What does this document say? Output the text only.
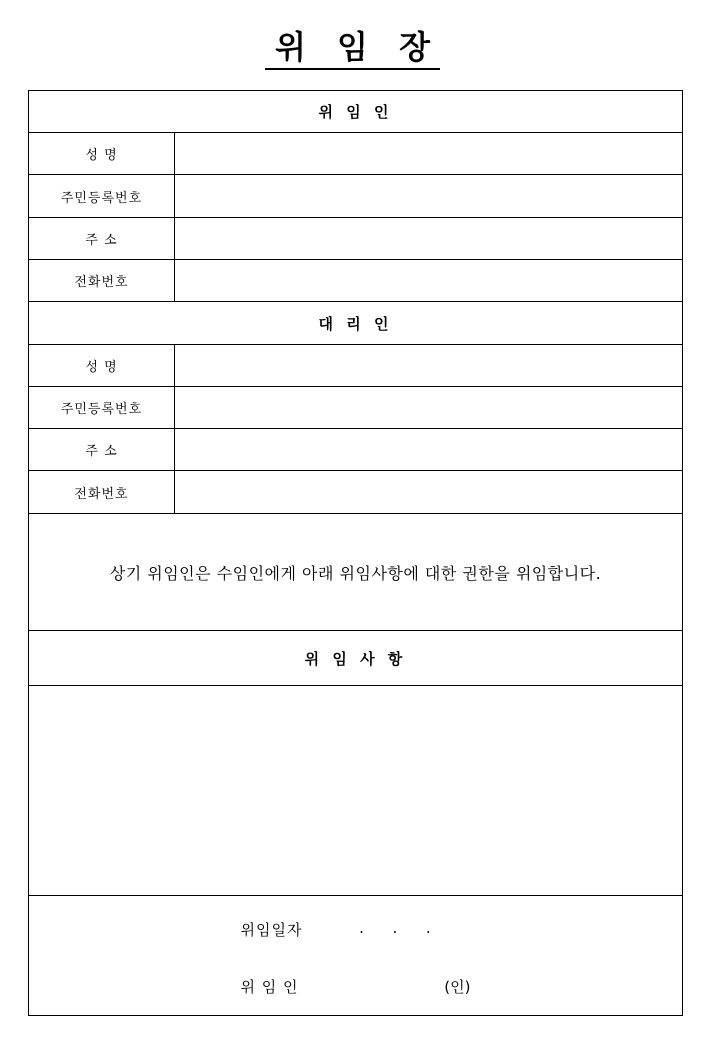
위 임 장
위 임 인
성 명
주민등록번호
주 소
전화번호
대 리 인
성 명
주민등록번호
주 소
전화번호
상기 위임인은 수임인에게 아래 위임사항에 대한 권한을 위임합니다.
위 임 사 항
위임일자	.      .      .
위 임 인	(인)
